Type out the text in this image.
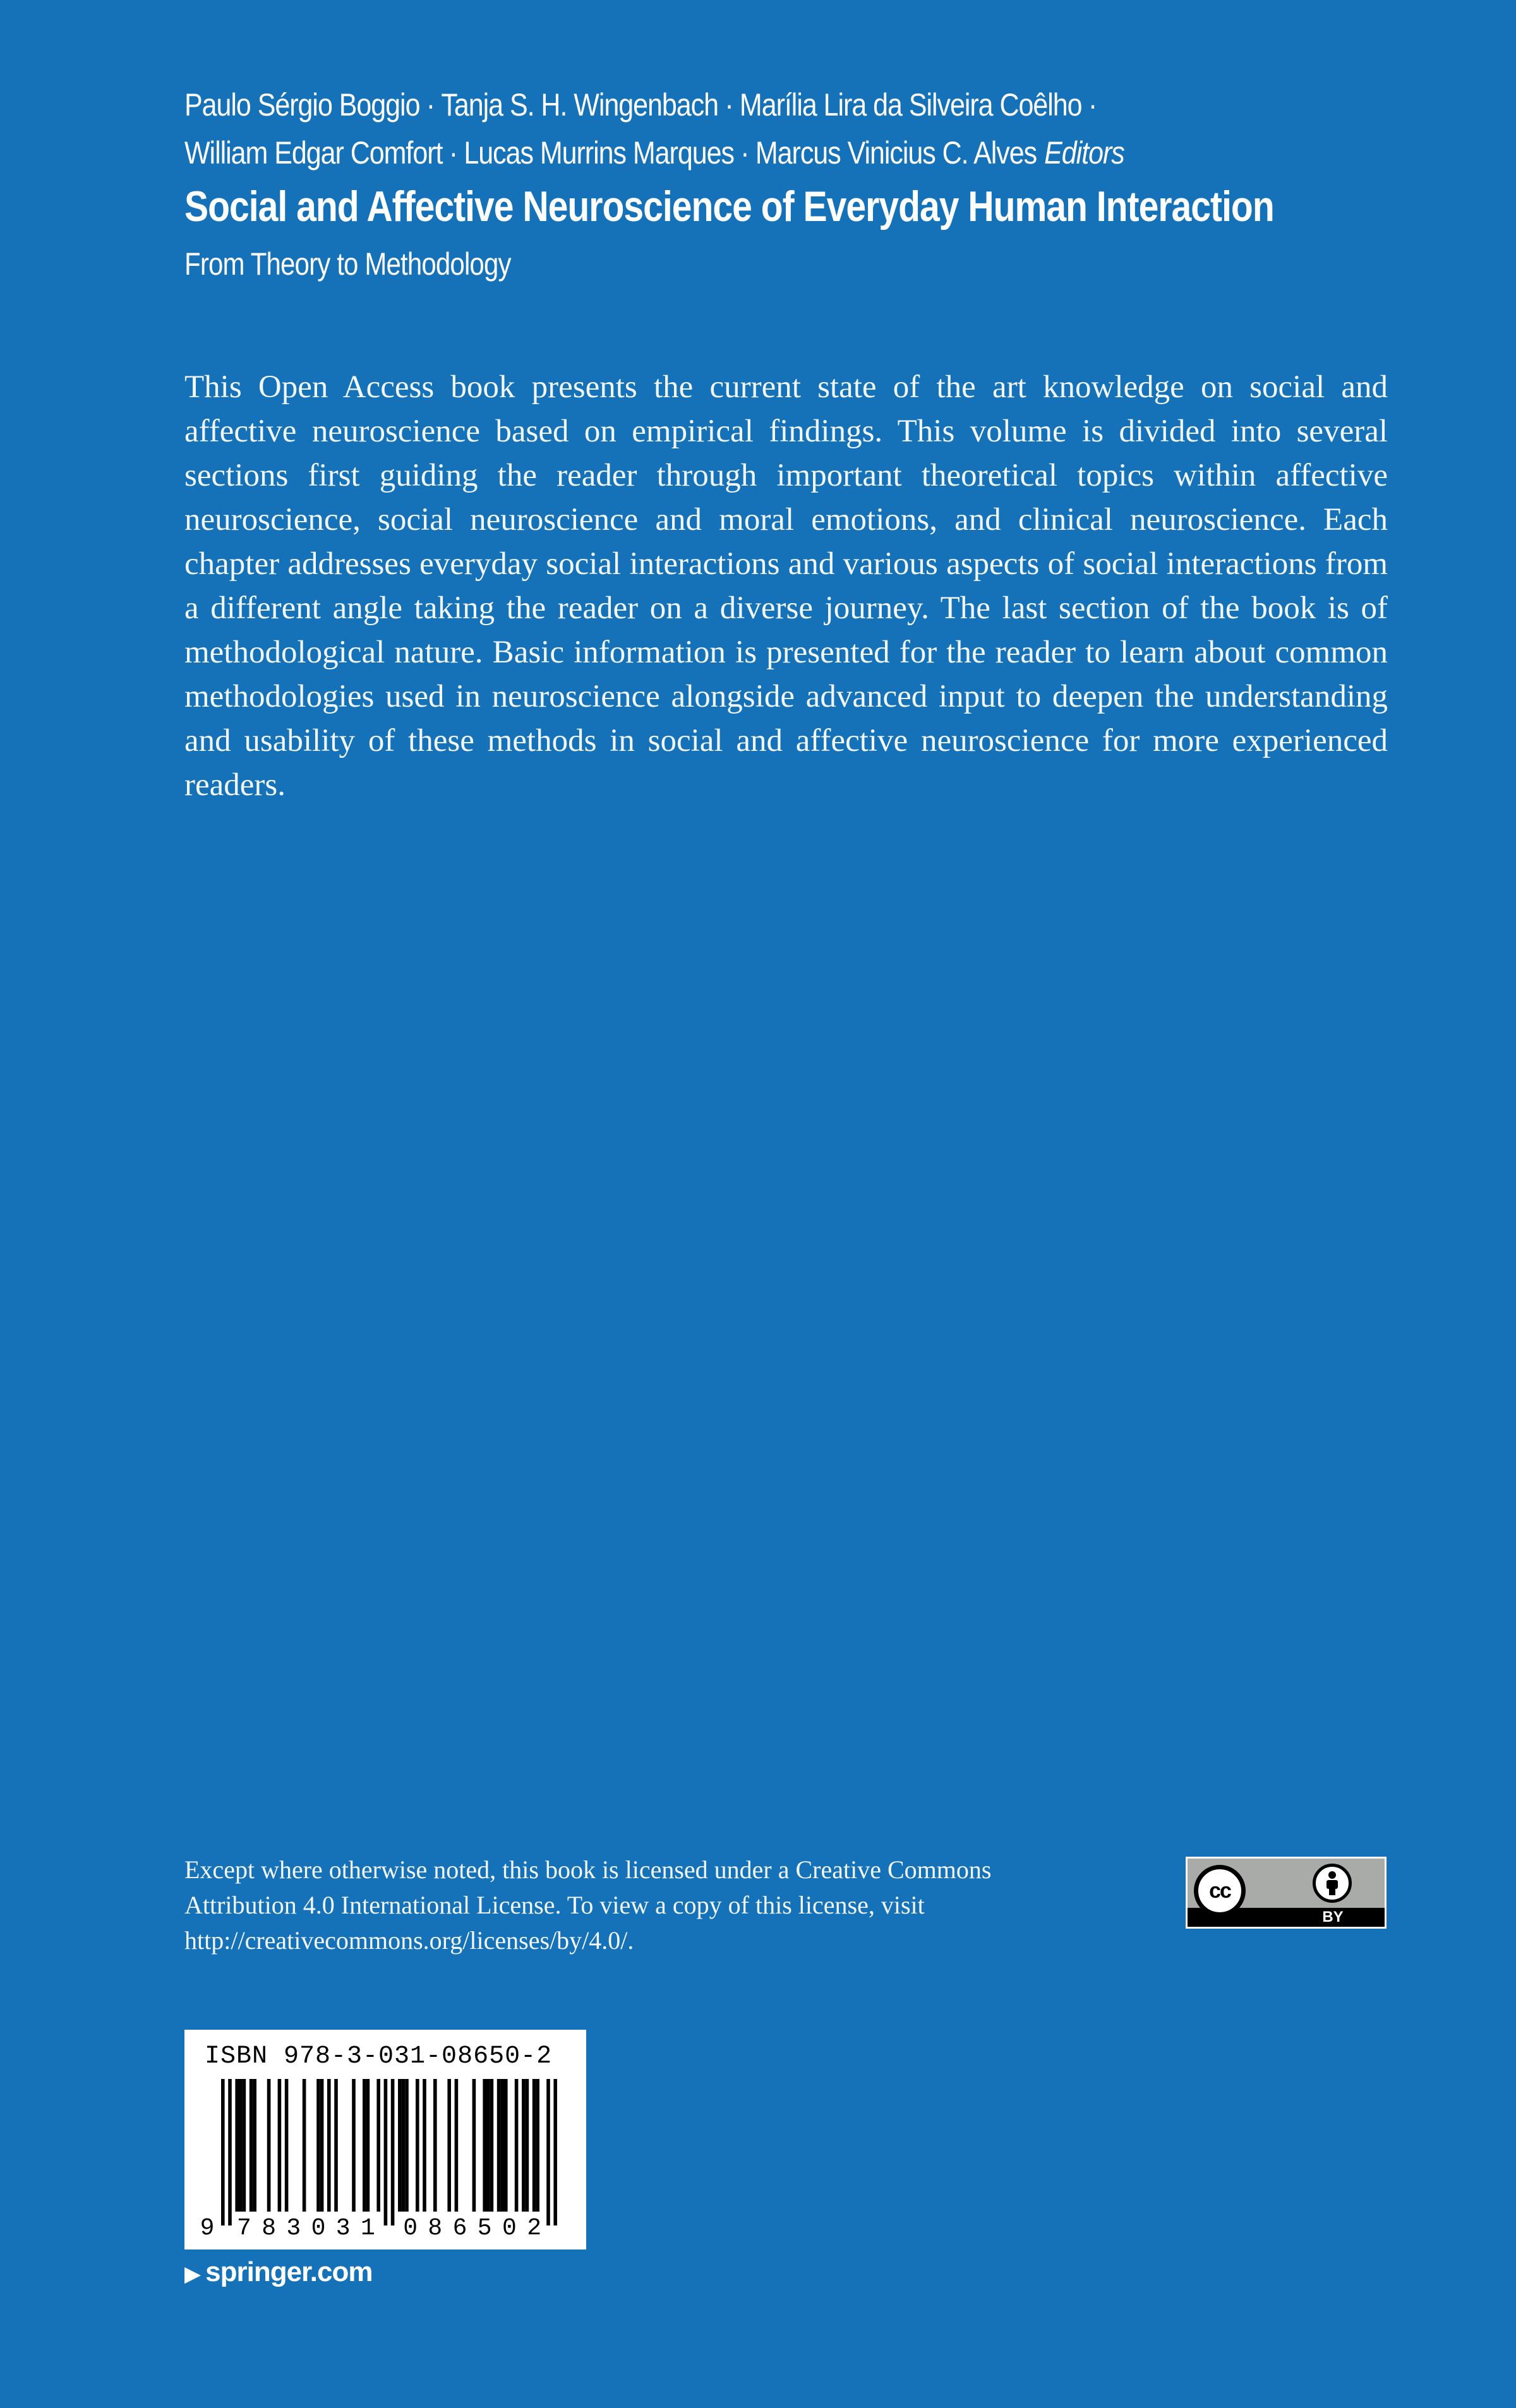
Paulo Sérgio Boggio · Tanja S. H. Wingenbach · Marília Lira da Silveira Coêlho ·
William Edgar Comfort · Lucas Murrins Marques · Marcus Vinicius C. Alves Editors
Social and Affective Neuroscience of Everyday Human Interaction
From Theory to Methodology

This Open Access book presents the current state of the art knowledge on social and affective neuroscience based on empirical findings. This volume is divided into several sections first guiding the reader through important theoretical topics within affective neuroscience, social neuroscience and moral emotions, and clinical neuroscience. Each chapter addresses everyday social interactions and various aspects of social interactions from a different angle taking the reader on a diverse journey. The last section of the book is of methodological nature. Basic information is presented for the reader to learn about common methodologies used in neuroscience alongside advanced input to deepen the understanding and usability of these methods in social and affective neuroscience for more experienced readers.

Except where otherwise noted, this book is licensed under a Creative Commons Attribution 4.0 International License. To view a copy of this license, visit http://creativecommons.org/licenses/by/4.0/.

cc
BY
ISBN 978-3-031-08650-2
9 7 8 3 0 3 1 0 8 6 5 0 2
▶ springer.com
